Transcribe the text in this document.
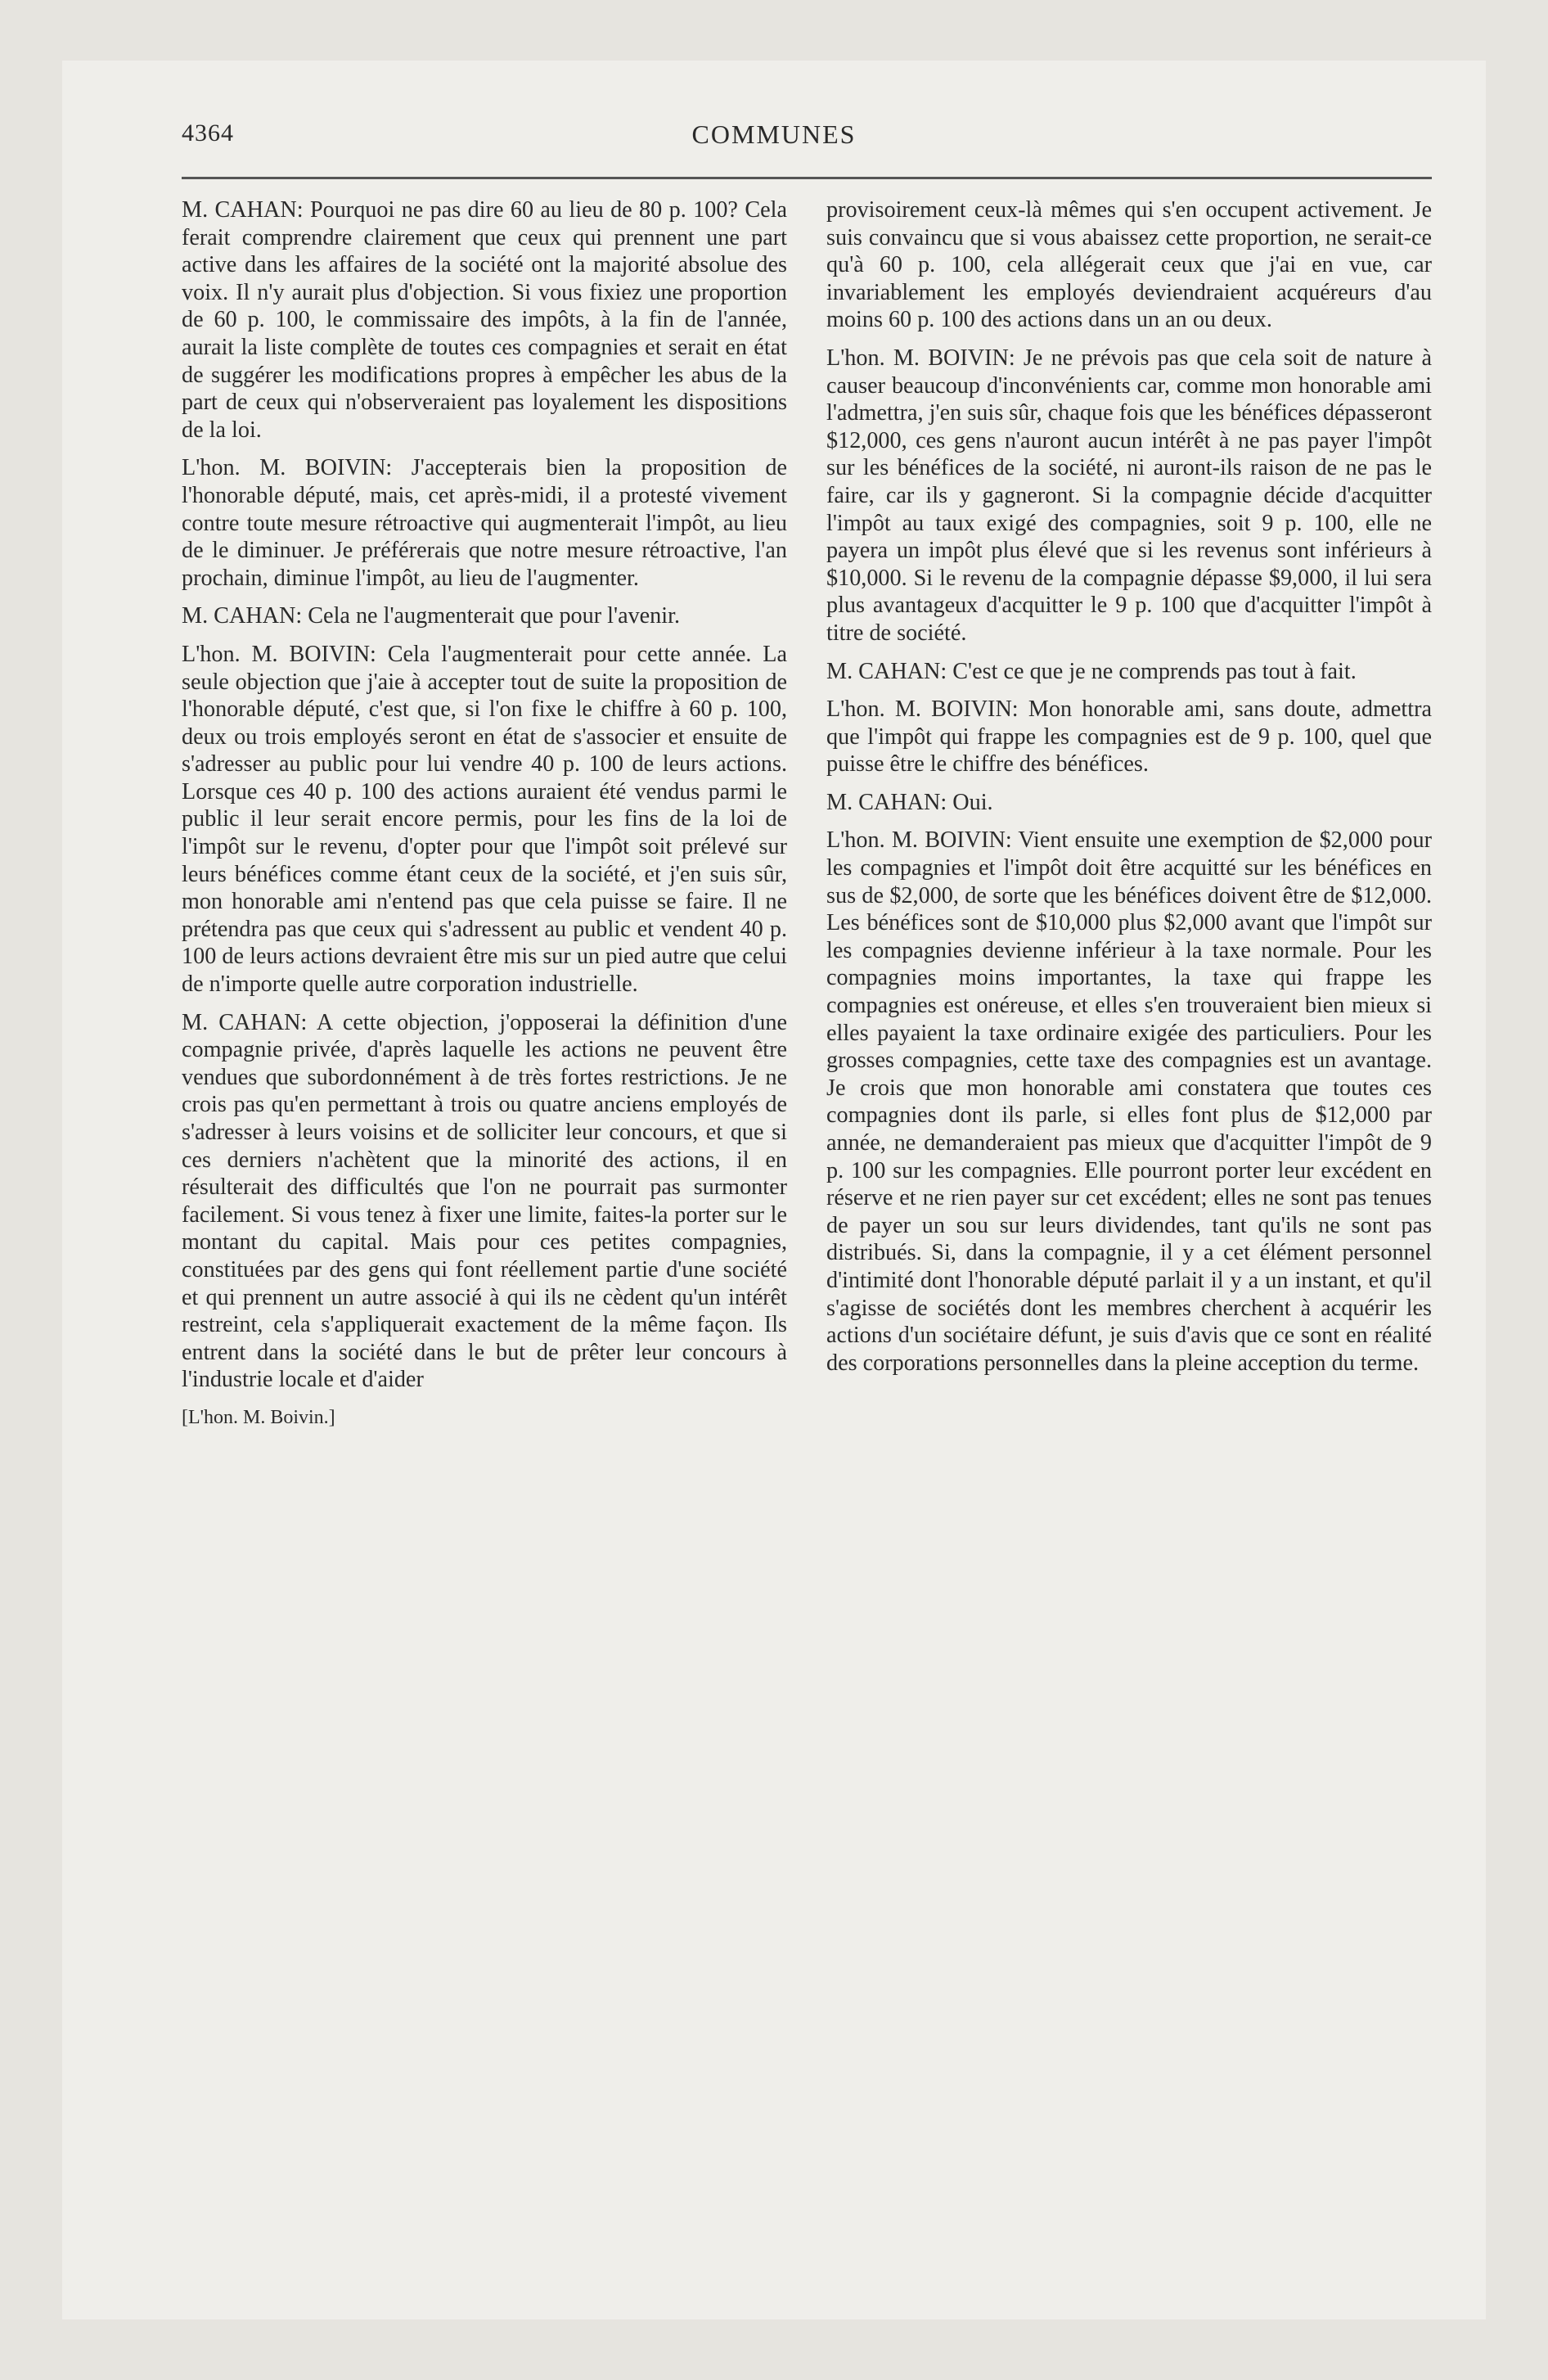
4364	COMMUNES

M. CAHAN: Pourquoi ne pas dire 60 au lieu de 80 p. 100? Cela ferait comprendre clairement que ceux qui prennent une part active dans les affaires de la société ont la majorité absolue des voix. Il n'y aurait plus d'objection. Si vous fixiez une proportion de 60 p. 100, le commissaire des impôts, à la fin de l'année, aurait la liste complète de toutes ces compagnies et serait en état de suggérer les modifications propres à empêcher les abus de la part de ceux qui n'observeraient pas loyalement les dispositions de la loi.

L'hon. M. BOIVIN: J'accepterais bien la proposition de l'honorable député, mais, cet après-midi, il a protesté vivement contre toute mesure rétroactive qui augmenterait l'impôt, au lieu de le diminuer. Je préférerais que notre mesure rétroactive, l'an prochain, diminue l'impôt, au lieu de l'augmenter.

M. CAHAN: Cela ne l'augmenterait que pour l'avenir.

L'hon. M. BOIVIN: Cela l'augmenterait pour cette année. La seule objection que j'aie à accepter tout de suite la proposition de l'honorable député, c'est que, si l'on fixe le chiffre à 60 p. 100, deux ou trois employés seront en état de s'associer et ensuite de s'adresser au public pour lui vendre 40 p. 100 de leurs actions. Lorsque ces 40 p. 100 des actions auraient été vendus parmi le public il leur serait encore permis, pour les fins de la loi de l'impôt sur le revenu, d'opter pour que l'impôt soit prélevé sur leurs bénéfices comme étant ceux de la société, et j'en suis sûr, mon honorable ami n'entend pas que cela puisse se faire. Il ne prétendra pas que ceux qui s'adressent au public et vendent 40 p. 100 de leurs actions devraient être mis sur un pied autre que celui de n'importe quelle autre corporation industrielle.

M. CAHAN: A cette objection, j'opposerai la définition d'une compagnie privée, d'après laquelle les actions ne peuvent être vendues que subordonnément à de très fortes restrictions. Je ne crois pas qu'en permettant à trois ou quatre anciens employés de s'adresser à leurs voisins et de solliciter leur concours, et que si ces derniers n'achètent que la minorité des actions, il en résulterait des difficultés que l'on ne pourrait pas surmonter facilement. Si vous tenez à fixer une limite, faites-la porter sur le montant du capital. Mais pour ces petites compagnies, constituées par des gens qui font réellement partie d'une société et qui prennent un autre associé à qui ils ne cèdent qu'un intérêt restreint, cela s'appliquerait exactement de la même façon. Ils entrent dans la société dans le but de prêter leur concours à l'industrie locale et d'aider

[L'hon. M. Boivin.]

provisoirement ceux-là mêmes qui s'en occupent activement. Je suis convaincu que si vous abaissez cette proportion, ne serait-ce qu'à 60 p. 100, cela allégerait ceux que j'ai en vue, car invariablement les employés deviendraient acquéreurs d'au moins 60 p. 100 des actions dans un an ou deux.

L'hon. M. BOIVIN: Je ne prévois pas que cela soit de nature à causer beaucoup d'inconvénients car, comme mon honorable ami l'admettra, j'en suis sûr, chaque fois que les bénéfices dépasseront $12,000, ces gens n'auront aucun intérêt à ne pas payer l'impôt sur les bénéfices de la société, ni auront-ils raison de ne pas le faire, car ils y gagneront. Si la compagnie décide d'acquitter l'impôt au taux exigé des compagnies, soit 9 p. 100, elle ne payera un impôt plus élevé que si les revenus sont inférieurs à $10,000. Si le revenu de la compagnie dépasse $9,000, il lui sera plus avantageux d'acquitter le 9 p. 100 que d'acquitter l'impôt à titre de société.

M. CAHAN: C'est ce que je ne comprends pas tout à fait.

L'hon. M. BOIVIN: Mon honorable ami, sans doute, admettra que l'impôt qui frappe les compagnies est de 9 p. 100, quel que puisse être le chiffre des bénéfices.

M. CAHAN: Oui.

L'hon. M. BOIVIN: Vient ensuite une exemption de $2,000 pour les compagnies et l'impôt doit être acquitté sur les bénéfices en sus de $2,000, de sorte que les bénéfices doivent être de $12,000. Les bénéfices sont de $10,000 plus $2,000 avant que l'impôt sur les compagnies devienne inférieur à la taxe normale. Pour les compagnies moins importantes, la taxe qui frappe les compagnies est onéreuse, et elles s'en trouveraient bien mieux si elles payaient la taxe ordinaire exigée des particuliers. Pour les grosses compagnies, cette taxe des compagnies est un avantage. Je crois que mon honorable ami constatera que toutes ces compagnies dont ils parle, si elles font plus de $12,000 par année, ne demanderaient pas mieux que d'acquitter l'impôt de 9 p. 100 sur les compagnies. Elle pourront porter leur excédent en réserve et ne rien payer sur cet excédent; elles ne sont pas tenues de payer un sou sur leurs dividendes, tant qu'ils ne sont pas distribués. Si, dans la compagnie, il y a cet élément personnel d'intimité dont l'honorable député parlait il y a un instant, et qu'il s'agisse de sociétés dont les membres cherchent à acquérir les actions d'un sociétaire défunt, je suis d'avis que ce sont en réalité des corporations personnelles dans la pleine acception du terme.
